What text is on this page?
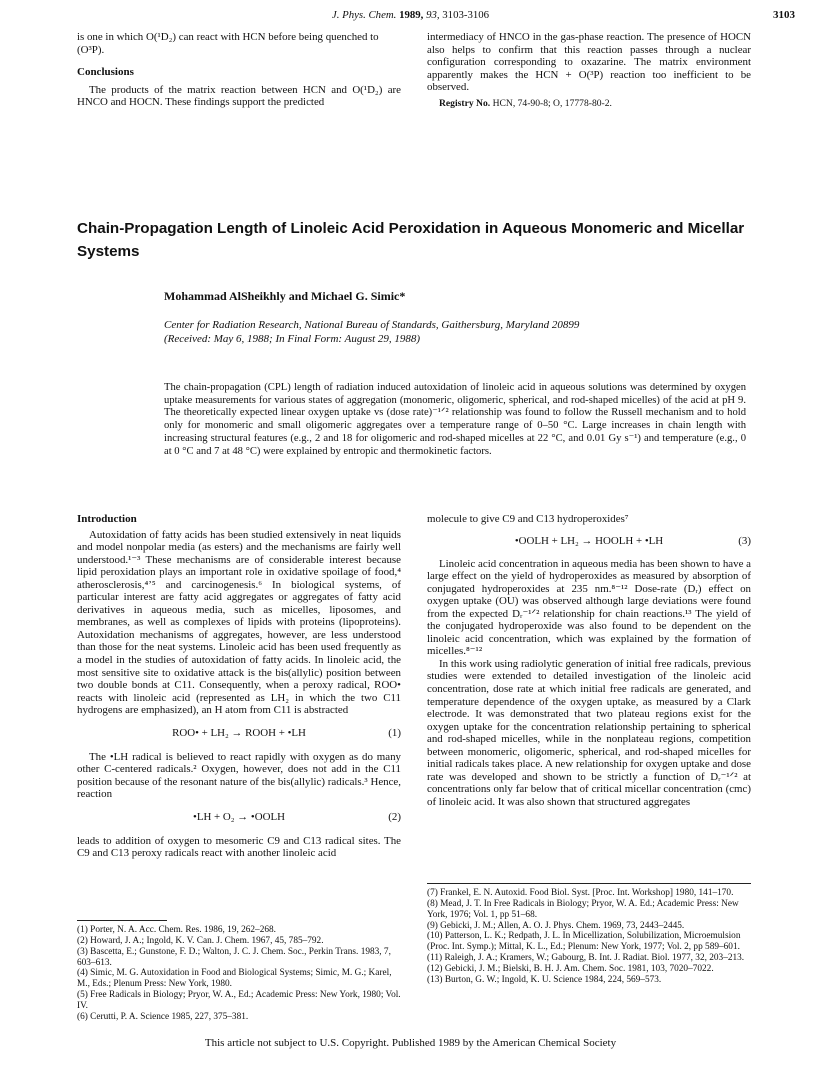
J. Phys. Chem. 1989, 93, 3103-3106	3103

is one in which O(¹D₂) can react with HCN before being quenched to (O³P).

Conclusions

The products of the matrix reaction between HCN and O(¹D₂) are HNCO and HOCN. These findings support the predicted

intermediacy of HNCO in the gas-phase reaction. The presence of HOCN also helps to confirm that this reaction passes through a nuclear configuration corresponding to oxazarine. The matrix environment apparently makes the HCN + O(³P) reaction too inefficient to be observed.

Registry No. HCN, 74-90-8; O, 17778-80-2.

Chain-Propagation Length of Linoleic Acid Peroxidation in Aqueous Monomeric and Micellar Systems
Mohammad AlSheikhly and Michael G. Simic*
Center for Radiation Research, National Bureau of Standards, Gaithersburg, Maryland 20899
(Received: May 6, 1988; In Final Form: August 29, 1988)
The chain-propagation (CPL) length of radiation induced autoxidation of linoleic acid in aqueous solutions was determined by oxygen uptake measurements for various states of aggregation (monomeric, oligomeric, spherical, and rod-shaped micelles) of the acid at pH 9. The theoretically expected linear oxygen uptake vs (dose rate)⁻¹ᐟ² relationship was found to follow the Russell mechanism and to hold only for monomeric and small oligomeric aggregates over a temperature range of 0–50 °C. Large increases in chain length with increasing structural features (e.g., 2 and 18 for oligomeric and rod-shaped micelles at 22 °C, and 0.01 Gy s⁻¹) and temperature (e.g., 0 at 0 °C and 7 at 48 °C) were explained by entropic and thermokinetic factors.
Introduction

Autoxidation of fatty acids has been studied extensively in neat liquids and model nonpolar media (as esters) and the mechanisms are fairly well understood.¹⁻³ These mechanisms are of considerable interest because lipid peroxidation plays an important role in oxidative spoilage of food,⁴ atherosclerosis,⁴ʼ⁵ and carcinogenesis.⁶ In biological systems, of particular interest are fatty acid aggregates or aggregates of fatty acid derivatives in aqueous media, such as micelles, liposomes, and membranes, as well as complexes of lipids with proteins (lipoproteins). Autoxidation mechanisms of aggregates, however, are less understood than those for the neat systems. Linoleic acid has been used frequently as a model in the studies of autoxidation of fatty acids. In linoleic acid, the most sensitive site to oxidative attack is the bis(allylic) position between two double bonds at C11. Consequently, when a peroxy radical, ROO• reacts with linoleic acid (represented as LH₂ in which the two C11 hydrogens are emphasized), an H atom from C11 is abstracted

ROO• + LH₂ → ROOH + •LH	(1)

The •LH radical is believed to react rapidly with oxygen as do many other C-centered radicals.² Oxygen, however, does not add in the C11 position because of the resonant nature of the bis(allylic) radicals.³ Hence, reaction

•LH + O₂ → •OOLH	(2)

leads to addition of oxygen to mesomeric C9 and C13 radical sites. The C9 and C13 peroxy radicals react with another linoleic acid

(1) Porter, N. A. Acc. Chem. Res. 1986, 19, 262–268.
(2) Howard, J. A.; Ingold, K. V. Can. J. Chem. 1967, 45, 785–792.
(3) Bascetta, E.; Gunstone, F. D.; Walton, J. C. J. Chem. Soc., Perkin Trans. 1983, 7, 603–613.
(4) Simic, M. G. Autoxidation in Food and Biological Systems; Simic, M. G.; Karel, M., Eds.; Plenum Press: New York, 1980.
(5) Free Radicals in Biology; Pryor, W. A., Ed.; Academic Press: New York, 1980; Vol. IV.
(6) Cerutti, P. A. Science 1985, 227, 375–381.

molecule to give C9 and C13 hydroperoxides⁷

•OOLH + LH₂ → HOOLH + •LH	(3)

Linoleic acid concentration in aqueous media has been shown to have a large effect on the yield of hydroperoxides as measured by absorption of conjugated hydroperoxides at 235 nm.⁸⁻¹² Dose-rate (Dᵣ) effect on oxygen uptake (OU) was observed although large deviations were found from the expected Dᵣ⁻¹ᐟ² relationship for chain reactions.¹³ The yield of the conjugated hydroperoxide was also found to be dependent on the linoleic acid concentration, which was explained by the formation of micelles.⁸⁻¹²

In this work using radiolytic generation of initial free radicals, previous studies were extended to detailed investigation of the linoleic acid concentration, dose rate at which initial free radicals are generated, and temperature dependence of the oxygen uptake, as measured by a Clark electrode. It was demonstrated that two plateau regions exist for the oxygen uptake for the concentration relationship pertaining to spherical and rod-shaped micelles, while in the nonplateau regions, competition between monomeric, oligomeric, spherical, and rod-shaped micelles for initial radicals takes place. A new relationship for oxygen uptake and dose rate was developed and shown to be strictly a function of Dᵣ⁻¹ᐟ² at concentrations only far below that of critical micellar concentration (cmc) of linoleic acid. It was also shown that structured aggregates

(7) Frankel, E. N. Autoxid. Food Biol. Syst. [Proc. Int. Workshop] 1980, 141–170.
(8) Mead, J. T. In Free Radicals in Biology; Pryor, W. A. Ed.; Academic Press: New York, 1976; Vol. 1, pp 51–68.
(9) Gebicki, J. M.; Allen, A. O. J. Phys. Chem. 1969, 73, 2443–2445.
(10) Patterson, L. K.; Redpath, J. L. In Micellization, Solubilization, Microemulsion (Proc. Int. Symp.); Mittal, K. L., Ed.; Plenum: New York, 1977; Vol. 2, pp 589–601.
(11) Raleigh, J. A.; Kramers, W.; Gabourg, B. Int. J. Radiat. Biol. 1977, 32, 203–213.
(12) Gebicki, J. M.; Bielski, B. H. J. Am. Chem. Soc. 1981, 103, 7020–7022.
(13) Burton, G. W.; Ingold, K. U. Science 1984, 224, 569–573.
This article not subject to U.S. Copyright. Published 1989 by the American Chemical Society
